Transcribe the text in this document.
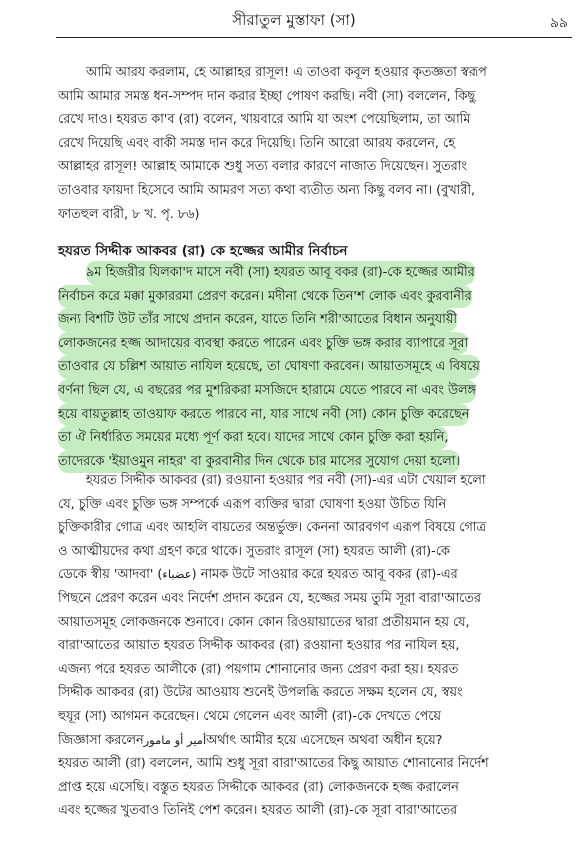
সীরাতুল মুস্তাফা (সা)	৯৯
আমি আরয করলাম, হে আল্লাহর রাসূল! এ তাওবা কবূল হওয়ার কৃতজ্ঞতা স্বরূপ
আমি আমার সমস্ত ধন-সম্পদ দান করার ইচ্ছা পোষণ করছি। নবী (সা) বললেন, কিছু
রেখে দাও। হযরত কা'ব (রা) বলেন, খায়বারে আমি যা অংশ পেয়েছিলাম, তা আমি
রেখে দিয়েছি এবং বাকী সমস্ত দান করে দিয়েছি। তিনি আরো আরয করলেন, হে
আল্লাহর রাসূল! আল্লাহ আমাকে শুধু সত্য বলার কারণে নাজাত দিয়েছেন। সুতরাং
তাওবার ফায়দা হিসেবে আমি আমরণ সত্য কথা ব্যতীত অন্য কিছু বলব না। (বুখারী,
ফাতহুল বারী, ৮ খ. পৃ. ৮৬)
হযরত সিদ্দীক আকবর (রা) কে হজ্জের আমীর নির্বাচন
৯ম হিজরীর যিলকা'দ মাসে নবী (সা) হযরত আবূ বকর (রা)-কে হজ্জের আমীর
নির্বাচন করে মক্কা মুকাররমা প্রেরণ করেন। মদীনা থেকে তিন'শ লোক এবং কুরবানীর
জন্য বিশটি উট তাঁর সাথে প্রদান করেন, যাতে তিনি শরী'আতের বিধান অনুযায়ী
লোকজনের হজ্জ আদায়ের ব্যবস্থা করতে পারেন এবং চুক্তি ভঙ্গ করার ব্যাপারে সূরা
তাওবার যে চল্লিশ আয়াত নাযিল হয়েছে, তা ঘোষণা করবেন। আয়াতসমূহে এ বিষয়ে
বর্ণনা ছিল যে, এ বছরের পর মুশরিকরা মসজিদে হারামে যেতে পারবে না এবং উলঙ্গ
হয়ে বায়তুল্লাহ তাওয়াফ করতে পারবে না, যার সাথে নবী (সা) কোন চুক্তি করেছেন
তা ঐ নির্ধারিত সময়ের মধ্যে পূর্ণ করা হবে। যাদের সাথে কোন চুক্তি করা হয়নি,
তাদেরকে 'ইয়াওমুন নাহর' বা কুরবানীর দিন থেকে চার মাসের সুযোগ দেয়া হলো।
হযরত সিদ্দীক আকবর (রা) রওয়ানা হওয়ার পর নবী (সা)-এর এটা খেয়াল হলো
যে, চুক্তি এবং চুক্তি ভঙ্গ সম্পর্কে এরূপ ব্যক্তির দ্বারা ঘোষণা হওয়া উচিত যিনি
চুক্তিকারীর গোত্র এবং আহলি বায়তের অন্তর্ভুক্ত। কেননা আরবগণ এরূপ বিষয়ে গোত্র
ও আত্মীয়দের কথা গ্রহণ করে থাকে। সুতরাং রাসূল (সা) হযরত আলী (রা)-কে
ডেকে স্বীয় 'আদবা' (عضباء) নামক উটে সাওয়ার করে হযরত আবূ বকর (রা)-এর
পিছনে প্রেরণ করেন এবং নির্দেশ প্রদান করেন যে, হজ্জের সময় তুমি সূরা বারা'আতের
আয়াতসমূহ লোকজনকে শুনাবে। কোন কোন রিওয়ায়াতের দ্বারা প্রতীয়মান হয় যে,
বারা'আতের আয়াত হযরত সিদ্দীক আকবর (রা) রওয়ানা হওয়ার পর নাযিল হয়,
এজন্য পরে হযরত আলীকে (রা) পয়গাম শোনানোর জন্য প্রেরণ করা হয়। হযরত
সিদ্দীক আকবর (রা) উটের আওয়ায শুনেই উপলব্ধি করতে সক্ষম হলেন যে, স্বয়ং
হুযূর (সা) আগমন করেছেন। থেমে গেলেন এবং আলী (রা)-কে দেখতে পেয়ে
জিজ্ঞাসা করলেনأمير أو مامورঅর্থাৎ আমীর হয়ে এসেছেন অথবা অধীন হয়ে?
হযরত আলী (রা) বললেন, আমি শুধু সূরা বারা'আতের কিছু আয়াত শোনানোর নির্দেশ
প্রাপ্ত হয়ে এসেছি। বস্তুত হযরত সিদ্দীকে আকবর (রা) লোকজনকে হজ্জ করালেন
এবং হজ্জের খুতবাও তিনিই পেশ করেন। হযরত আলী (রা)-কে সূরা বারা'আতের
